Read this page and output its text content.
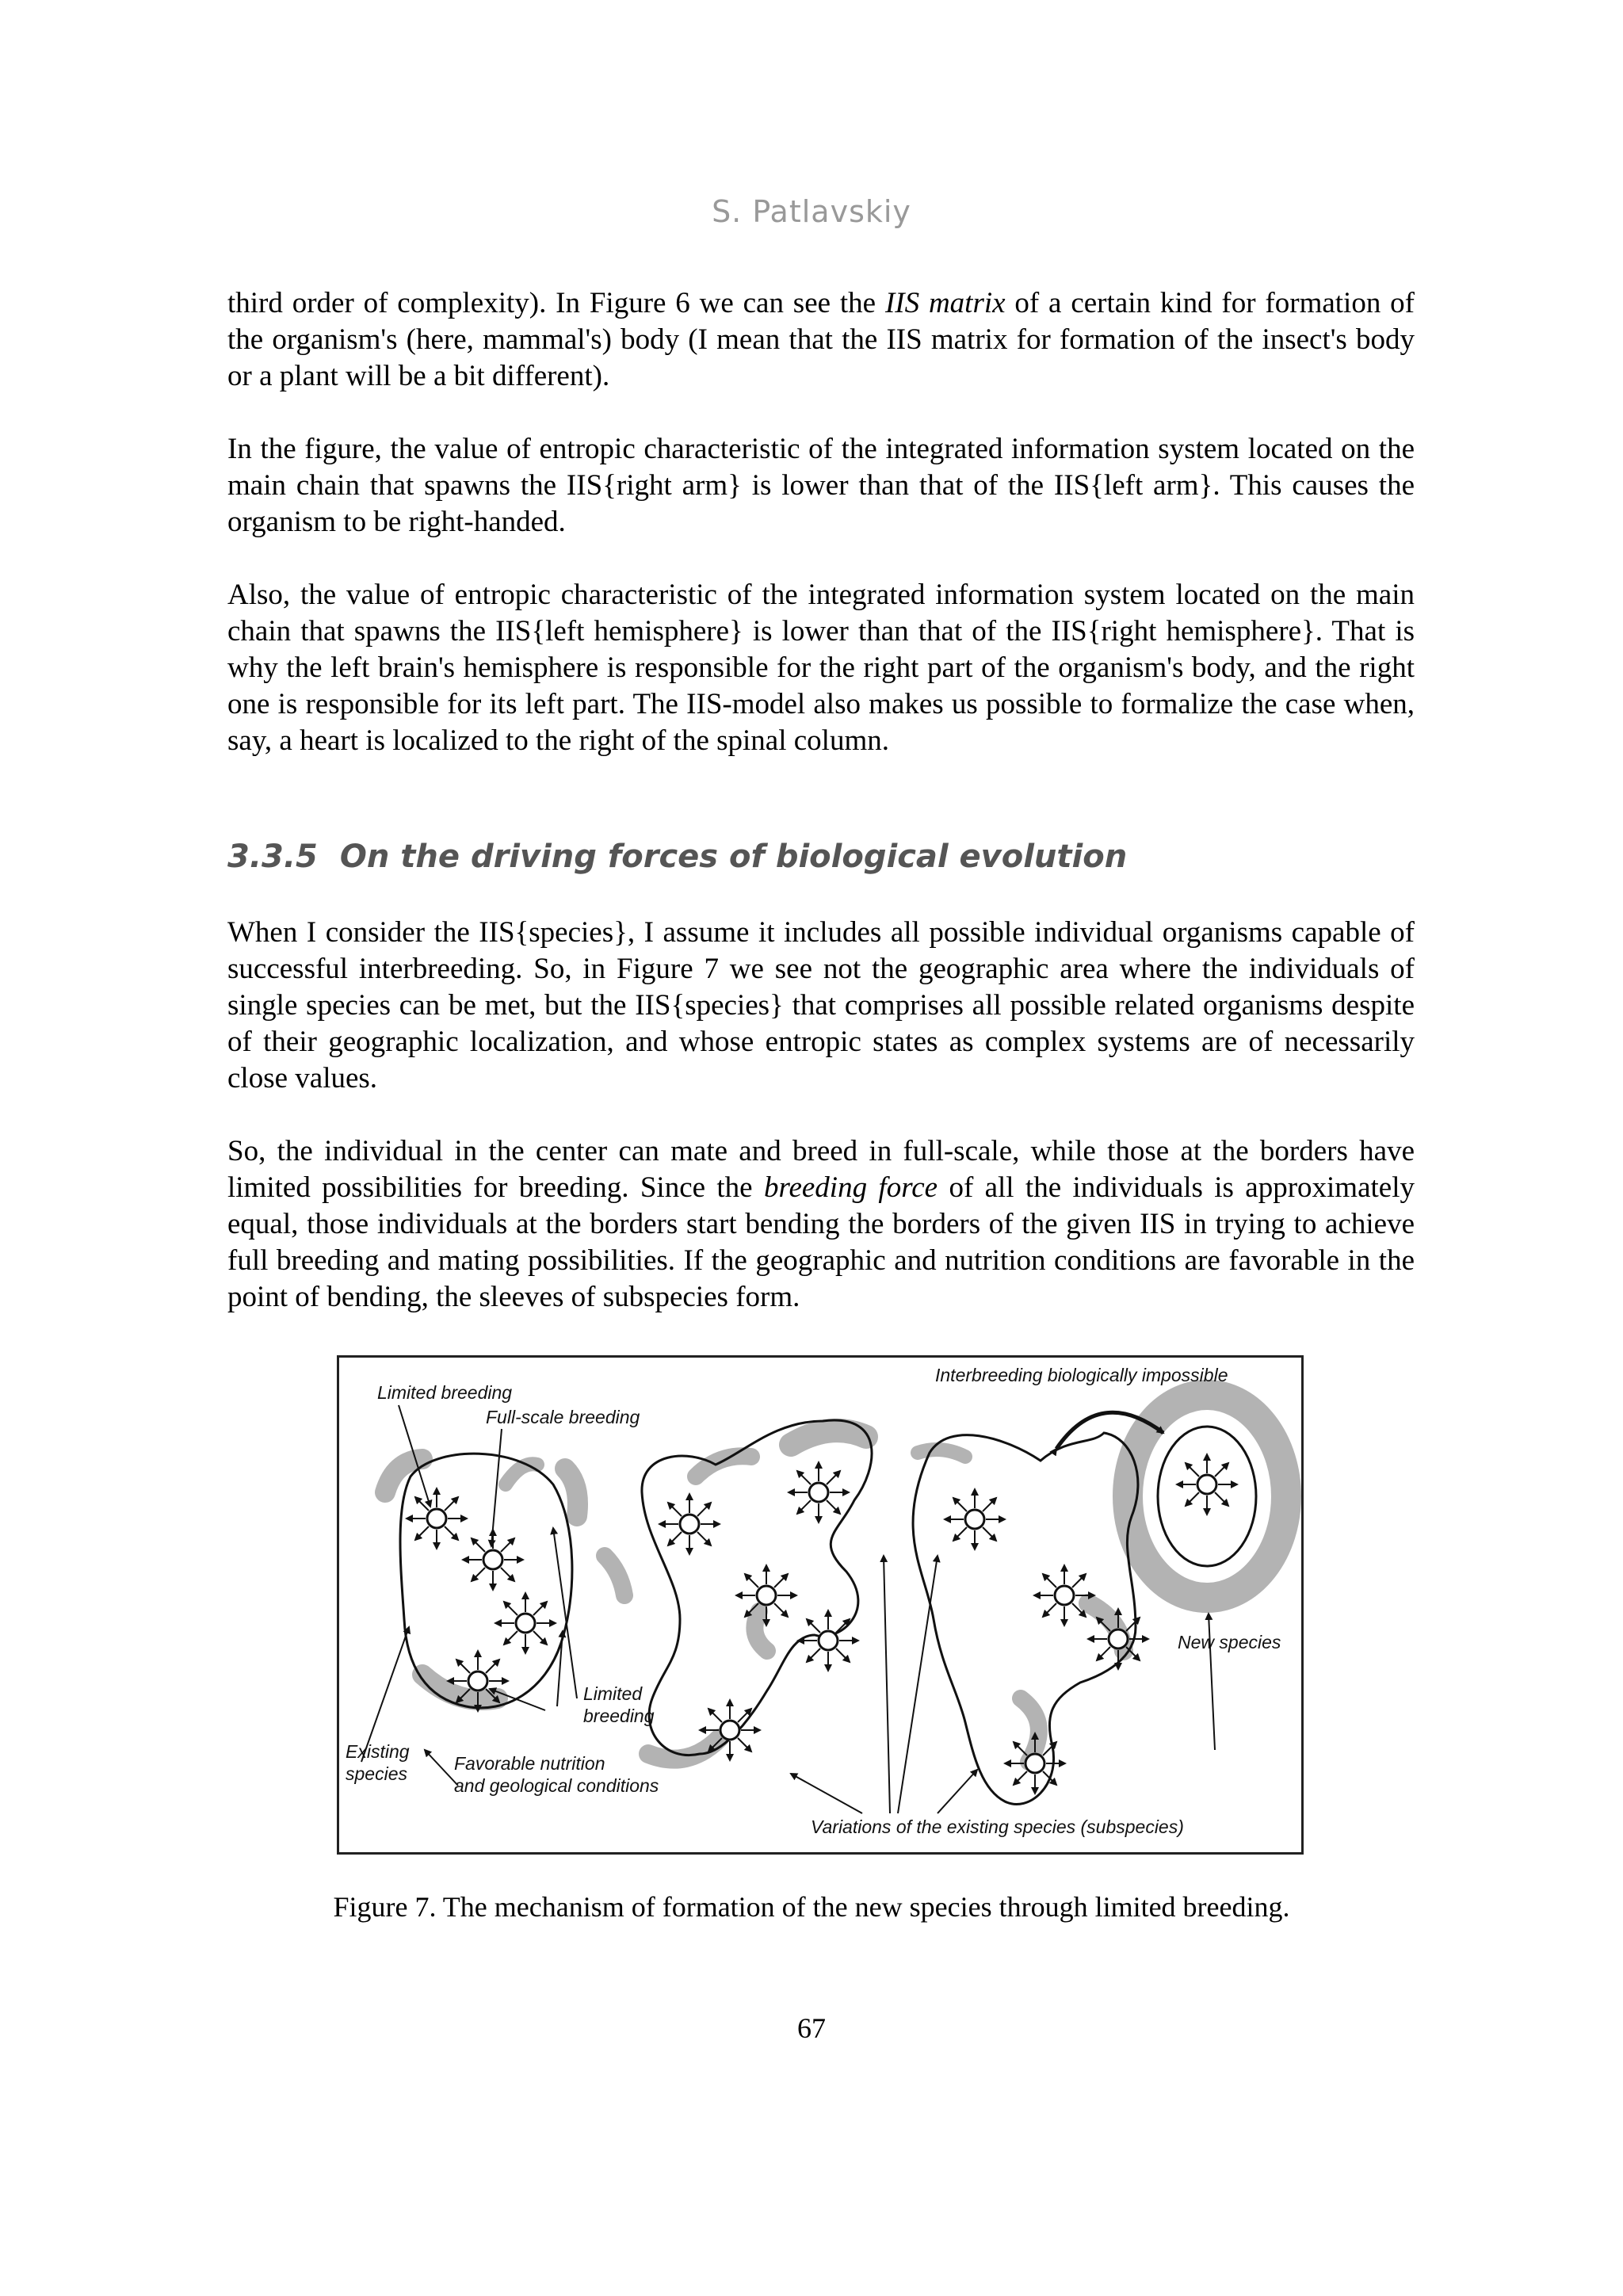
S. Patlavskiy

third order of complexity). In Figure 6 we can see the IIS matrix of a certain kind for formation of the organism's (here, mammal's) body (I mean that the IIS matrix for formation of the insect's body or a plant will be a bit different).

In the figure, the value of entropic characteristic of the integrated information system located on the main chain that spawns the IIS{right arm} is lower than that of the IIS{left arm}. This causes the organism to be right-handed.

Also, the value of entropic characteristic of the integrated information system located on the main chain that spawns the IIS{left hemisphere} is lower than that of the IIS{right hemisphere}. That is why the left brain's hemisphere is responsible for the right part of the organism's body, and the right one is responsible for its left part. The IIS-model also makes us possible to formalize the case when, say, a heart is localized to the right of the spinal column.

3.3.5 On the driving forces of biological evolution

When I consider the IIS{species}, I assume it includes all possible individual organisms capable of successful interbreeding. So, in Figure 7 we see not the geographic area where the individuals of single species can be met, but the IIS{species} that comprises all possible related organisms despite of their geographic localization, and whose entropic states as complex systems are of necessarily close values.

So, the individual in the center can mate and breed in full-scale, while those at the borders have limited possibilities for breeding. Since the breeding force of all the individuals is approximately equal, those individuals at the borders start bending the borders of the given IIS in trying to achieve full breeding and mating possibilities. If the geographic and nutrition conditions are favorable in the point of bending, the sleeves of subspecies form.

Limited breeding
Full-scale breeding
Interbreeding biologically impossible
New species
Limited
breeding
Existing
species	Favorable nutrition
and geological conditions
Variations of the existing species (subspecies)

Figure 7. The mechanism of formation of the new species through limited breeding.

67
